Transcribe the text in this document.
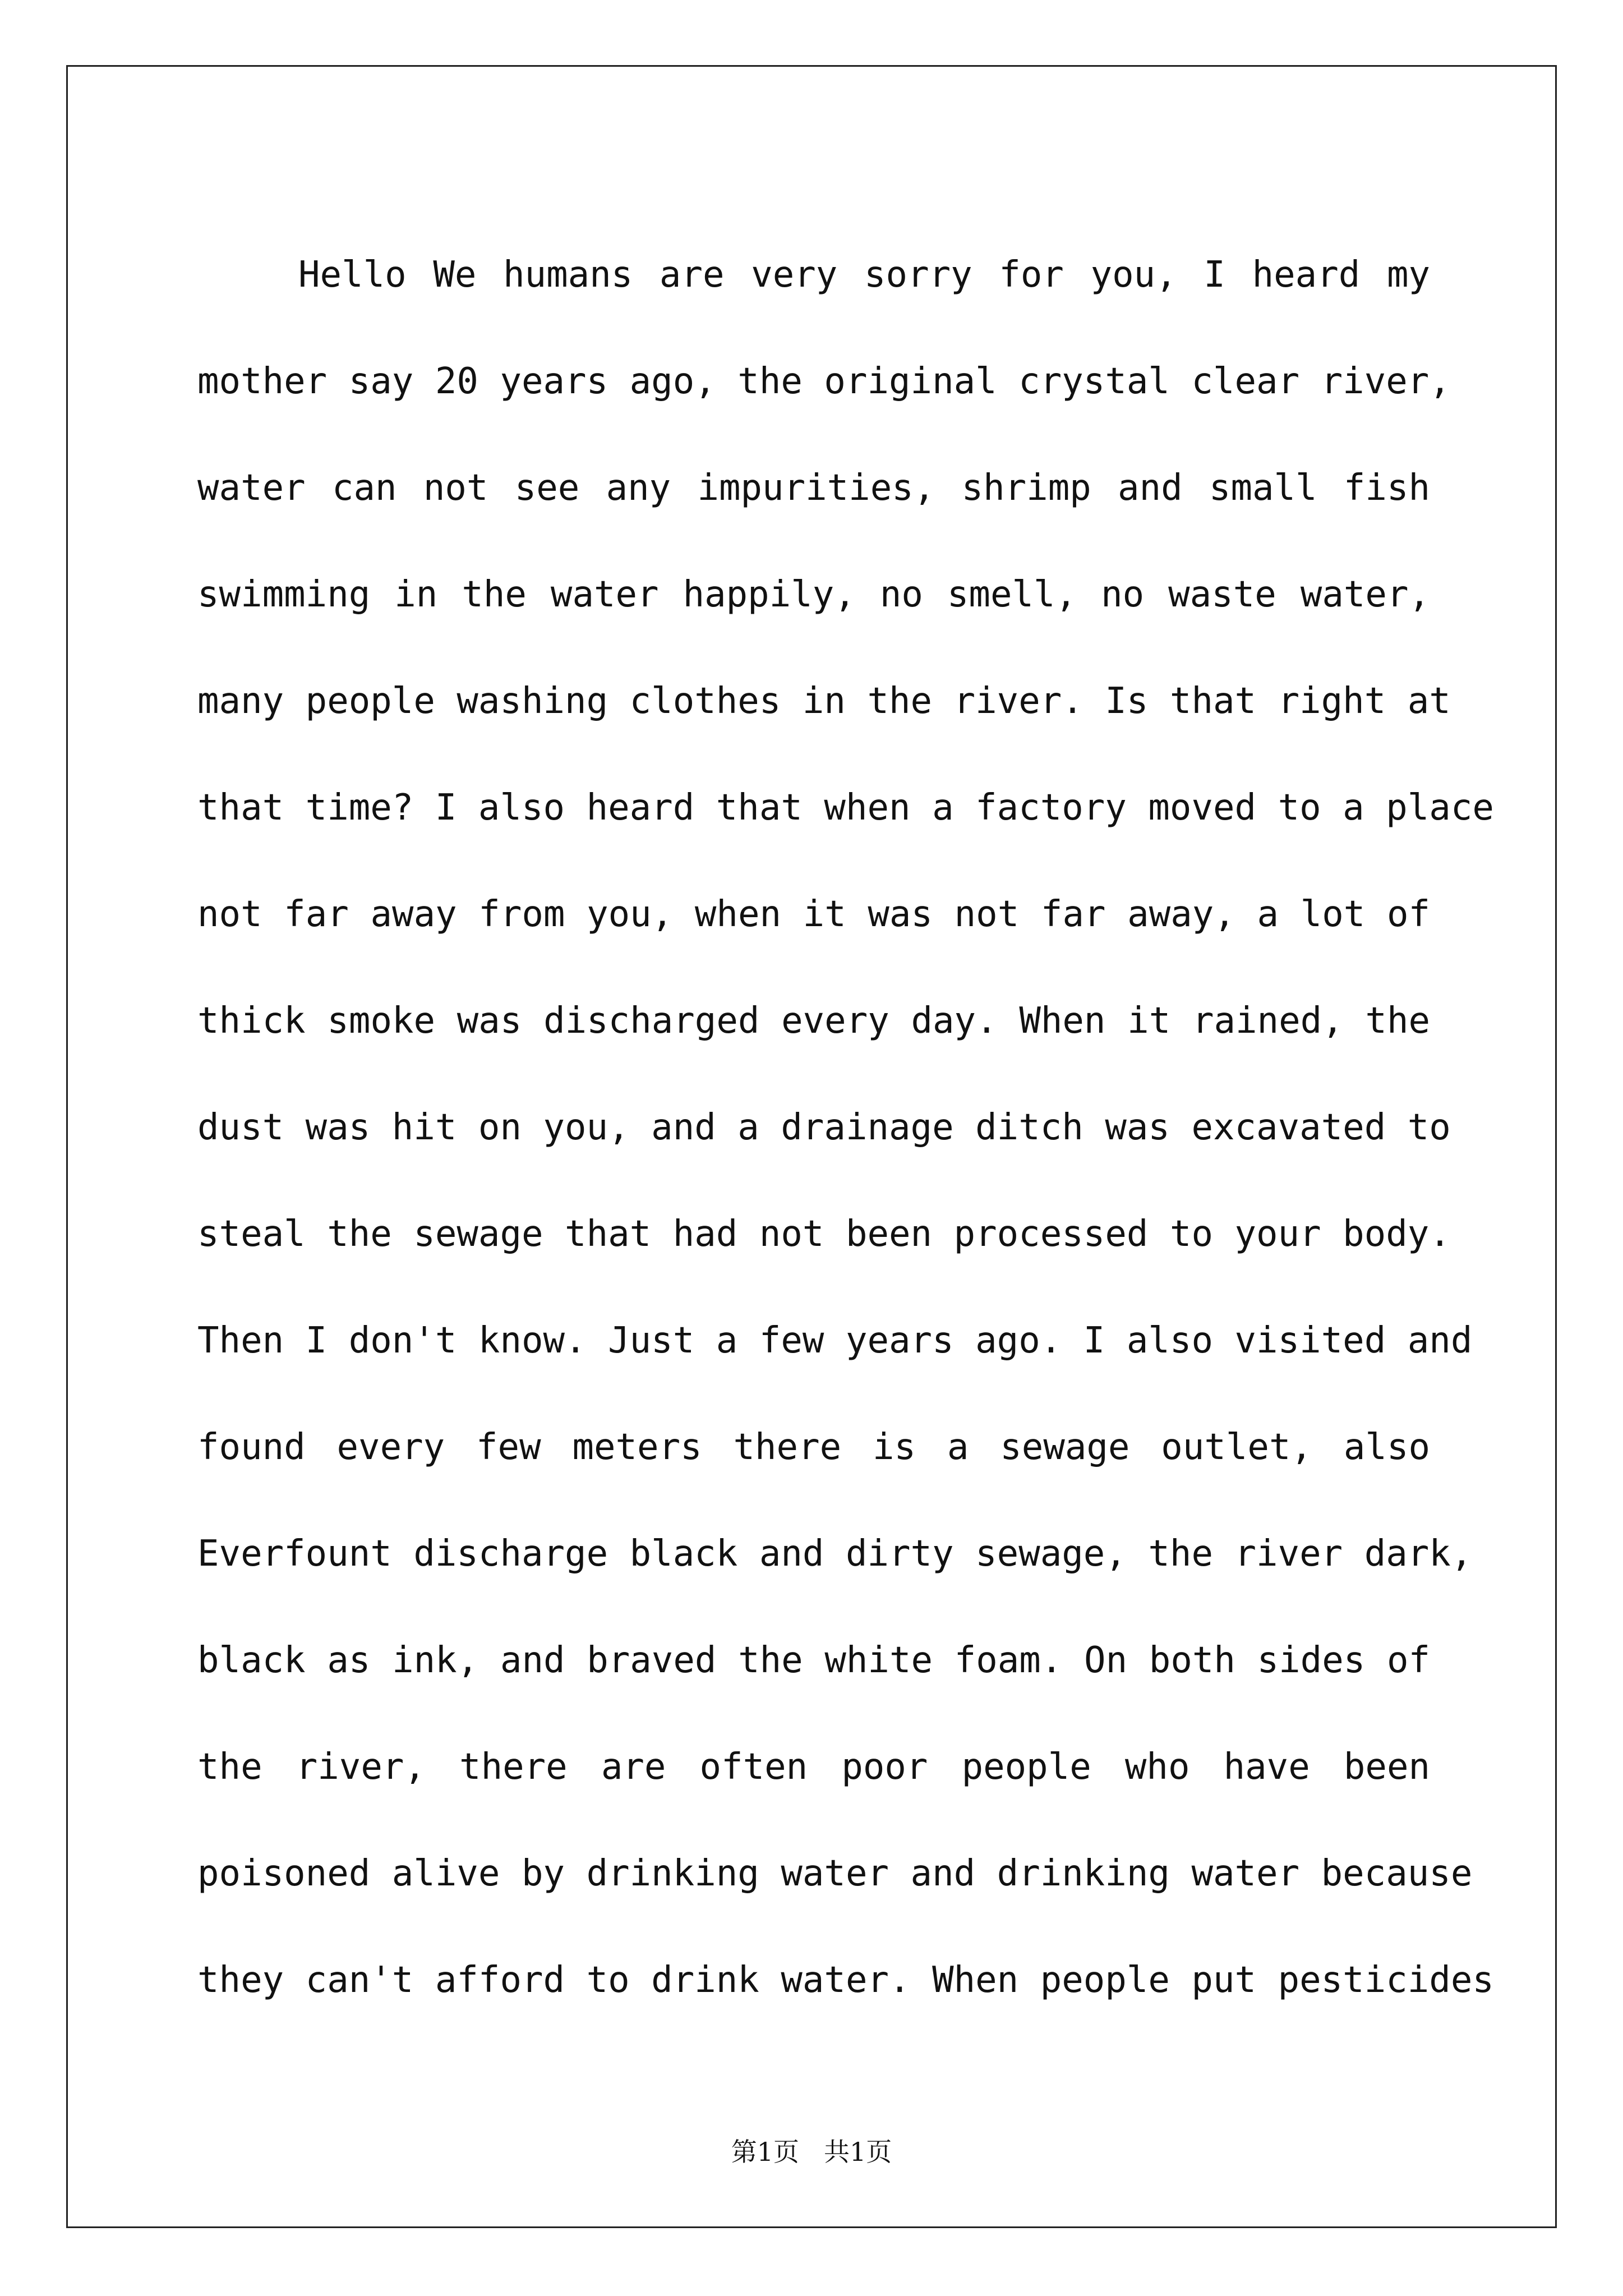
Hello We humans are very sorry for you, I heard my
mother say 20 years ago, the original crystal clear river,
water can not see any impurities, shrimp and small fish
swimming in the water happily, no smell, no waste water,
many people washing clothes in the river. Is that right at
that time? I also heard that when a factory moved to a place
not far away from you, when it was not far away, a lot of
thick smoke was discharged every day. When it rained, the
dust was hit on you, and a drainage ditch was excavated to
steal the sewage that had not been processed to your body.
Then I don't know. Just a few years ago. I also visited and
found every few meters there is a sewage outlet, also
Everfount discharge black and dirty sewage, the river dark,
black as ink, and braved the white foam. On both sides of
the river, there are often poor people who have been
poisoned alive by drinking water and drinking water because
they can't afford to drink water. When people put pesticides
第1页 共1页
